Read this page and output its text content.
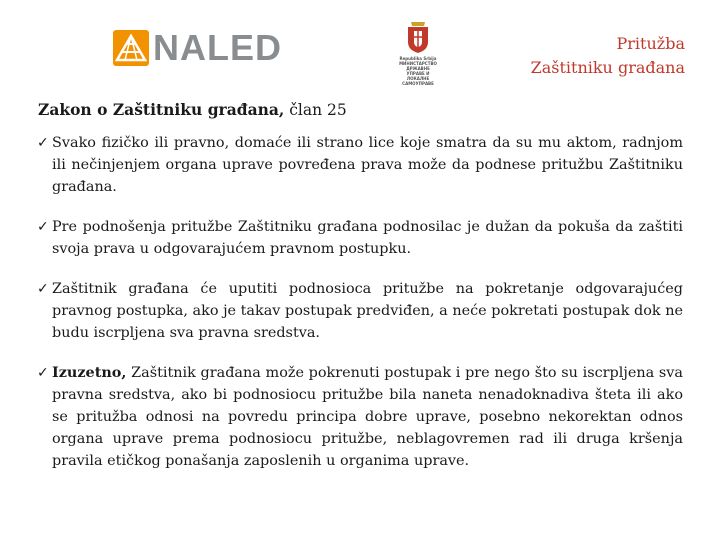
NALED	Republika Srbija МИНИСТАРСТВО ДРЖАВНЕ УПРАВЕ И ЛОКАЛНЕ САМОУПРАВЕ
Pritužba
Zaštitniku građana
Zakon o Zaštitniku građana, član 25
✓ Svako fizičko ili pravno, domaće ili strano lice koje smatra da su mu aktom, radnjom ili nečinjenjem organa uprave povređena prava može da podnese pritužbu Zaštitniku građana.
✓ Pre podnošenja pritužbe Zaštitniku građana podnosilac je dužan da pokuša da zaštiti svoja prava u odgovarajućem pravnom postupku.
✓ Zaštitnik građana će uputiti podnosioca pritužbe na pokretanje odgovarajućeg pravnog postupka, ako je takav postupak predviđen, a neće pokretati postupak dok ne budu iscrpljena sva pravna sredstva.
✓ Izuzetno, Zaštitnik građana može pokrenuti postupak i pre nego što su iscrpljena sva pravna sredstva, ako bi podnosiocu pritužbe bila naneta nenadoknadiva šteta ili ako se pritužba odnosi na povredu principa dobre uprave, posebno nekorektan odnos organa uprave prema podnosiocu pritužbe, neblagovremen rad ili druga kršenja pravila etičkog ponašanja zaposlenih u organima uprave.
